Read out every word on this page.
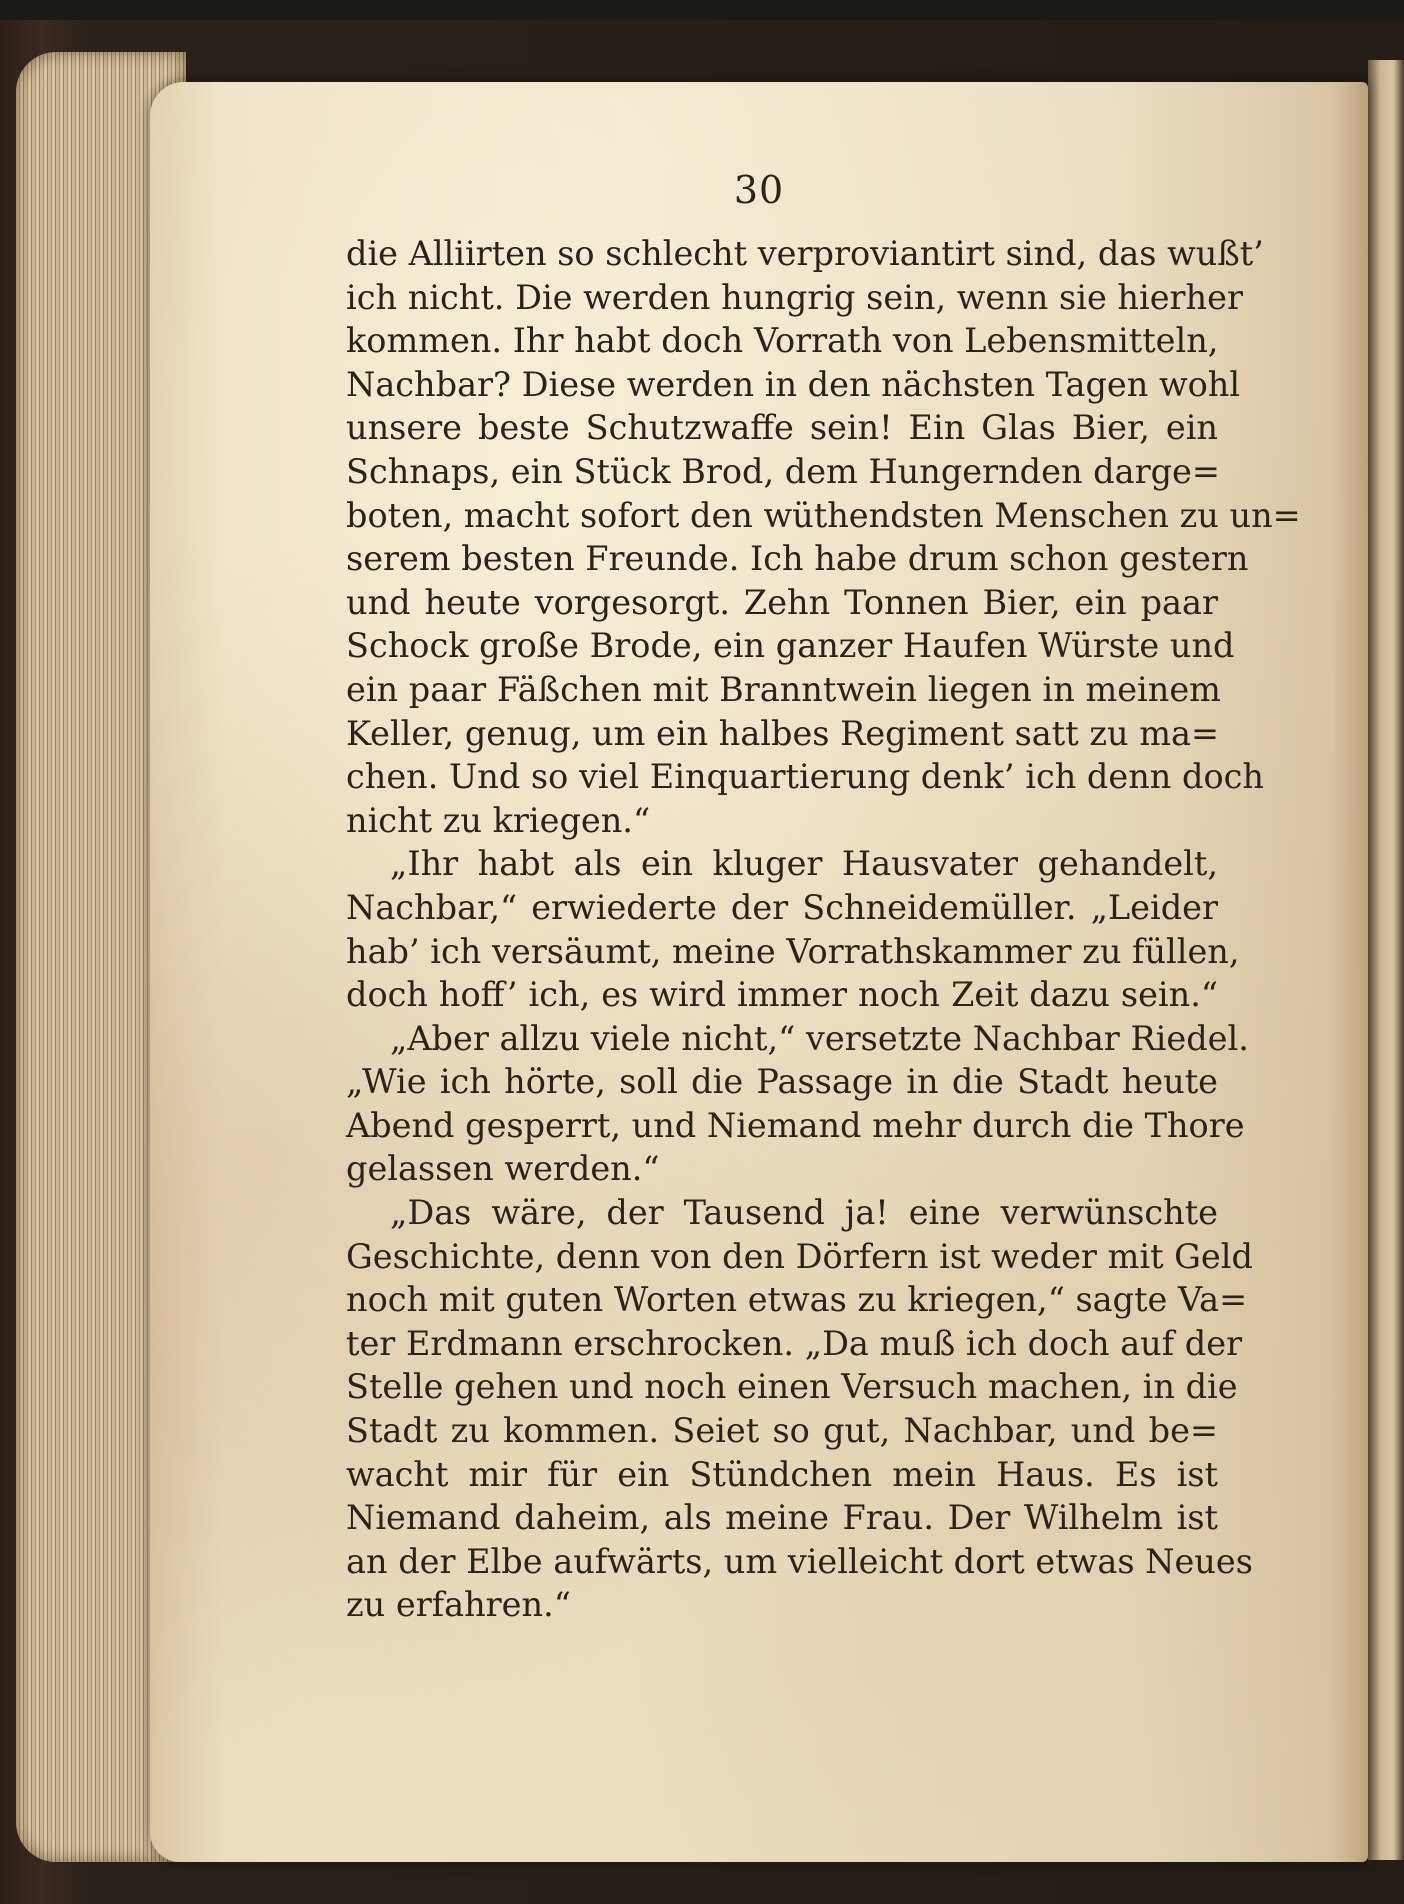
30
die Alliirten so schlecht verproviantirt sind, das wußt’
ich nicht. Die werden hungrig sein, wenn sie hierher
kommen. Ihr habt doch Vorrath von Lebensmitteln,
Nachbar? Diese werden in den nächsten Tagen wohl
unsere beste Schutzwaffe sein! Ein Glas Bier, ein
Schnaps, ein Stück Brod, dem Hungernden darge=
boten, macht sofort den wüthendsten Menschen zu un=
serem besten Freunde. Ich habe drum schon gestern
und heute vorgesorgt. Zehn Tonnen Bier, ein paar
Schock große Brode, ein ganzer Haufen Würste und
ein paar Fäßchen mit Branntwein liegen in meinem
Keller, genug, um ein halbes Regiment satt zu ma=
chen. Und so viel Einquartierung denk’ ich denn doch
nicht zu kriegen.“
„Ihr habt als ein kluger Hausvater gehandelt,
Nachbar,“ erwiederte der Schneidemüller. „Leider
hab’ ich versäumt, meine Vorrathskammer zu füllen,
doch hoff’ ich, es wird immer noch Zeit dazu sein.“
„Aber allzu viele nicht,“ versetzte Nachbar Riedel.
„Wie ich hörte, soll die Passage in die Stadt heute
Abend gesperrt, und Niemand mehr durch die Thore
gelassen werden.“
„Das wäre, der Tausend ja! eine verwünschte
Geschichte, denn von den Dörfern ist weder mit Geld
noch mit guten Worten etwas zu kriegen,“ sagte Va=
ter Erdmann erschrocken. „Da muß ich doch auf der
Stelle gehen und noch einen Versuch machen, in die
Stadt zu kommen. Seiet so gut, Nachbar, und be=
wacht mir für ein Stündchen mein Haus. Es ist
Niemand daheim, als meine Frau. Der Wilhelm ist
an der Elbe aufwärts, um vielleicht dort etwas Neues
zu erfahren.“
